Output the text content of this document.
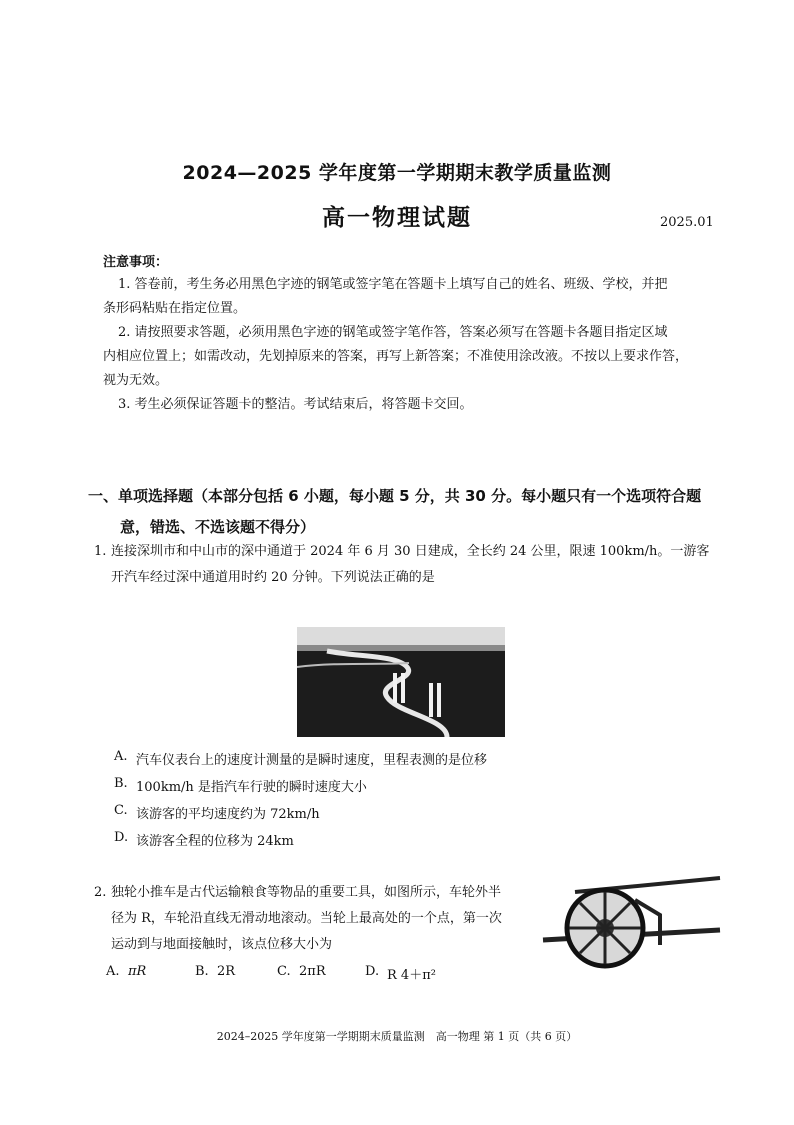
2024—2025 学年度第一学期期末教学质量监测
高一物理试题	2025.01
注意事项：
1. 答卷前，考生务必用黑色字迹的钢笔或签字笔在答题卡上填写自己的姓名、班级、学校，并把
条形码粘贴在指定位置。
2. 请按照要求答题，必须用黑色字迹的钢笔或签字笔作答，答案必须写在答题卡各题目指定区域
内相应位置上；如需改动，先划掉原来的答案，再写上新答案；不准使用涂改液。不按以上要求作答，
视为无效。
3. 考生必须保证答题卡的整洁。考试结束后，将答题卡交回。
一、单项选择题（本部分包括 6 小题，每小题 5 分，共 30 分。每小题只有一个选项符合题
意，错选、不选该题不得分）
1. 连接深圳市和中山市的深中通道于 2024 年 6 月 30 日建成，全长约 24 公里，限速 100km/h。一游客
开汽车经过深中通道用时约 20 分钟。下列说法正确的是
A. 汽车仪表台上的速度计测量的是瞬时速度，里程表测的是位移
B. 100km/h 是指汽车行驶的瞬时速度大小
C. 该游客的平均速度约为 72km/h
D. 该游客全程的位移为 24km
2. 独轮小推车是古代运输粮食等物品的重要工具，如图所示，车轮外半
径为 R，车轮沿直线无滑动地滚动。当轮上最高处的一个点，第一次
运动到与地面接触时，该点位移大小为
A. πR	B. 2R	C. 2πR	D. R 4＋π²
2024–2025 学年度第一学期期末质量监测　高一物理 第 1 页（共 6 页）
